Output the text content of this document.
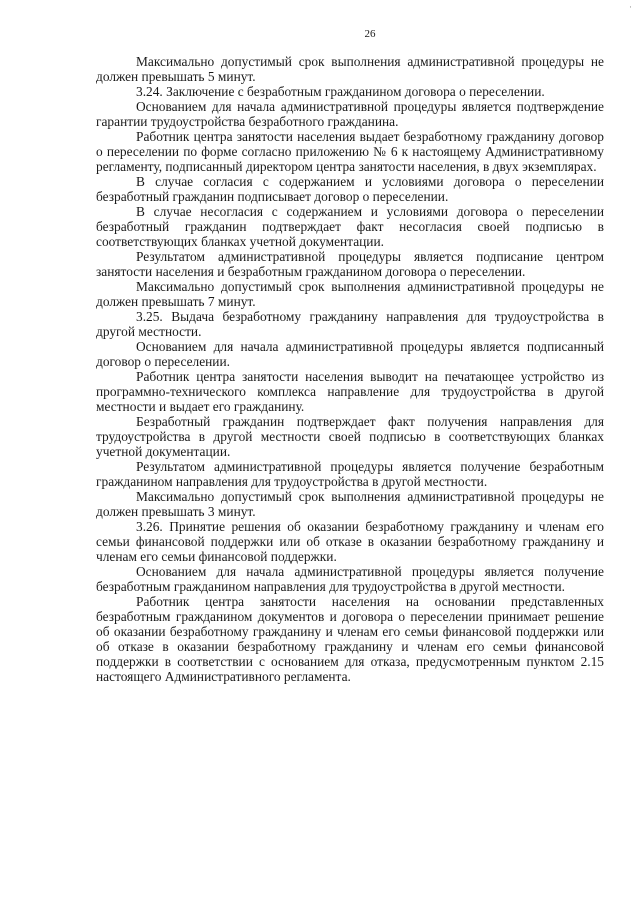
·
26

Максимально допустимый срок выполнения административной процедуры не должен превышать 5 минут.

3.24. Заключение с безработным гражданином договора о переселении.

Основанием для начала административной процедуры является подтверждение гарантии трудоустройства безработного гражданина.

Работник центра занятости населения выдает безработному гражданину договор о переселении по форме согласно приложению № 6 к настоящему Административному регламенту, подписанный директором центра занятости населения, в двух экземплярах.

В случае согласия с содержанием и условиями договора о переселении безработный гражданин подписывает договор о переселении.

В случае несогласия с содержанием и условиями договора о переселении безработный гражданин подтверждает факт несогласия своей подписью в соответствующих бланках учетной документации.

Результатом административной процедуры является подписание центром занятости населения и безработным гражданином договора о переселении.

Максимально допустимый срок выполнения административной процедуры не должен превышать 7 минут.

3.25. Выдача безработному гражданину направления для трудоустройства в другой местности.

Основанием для начала административной процедуры является подписанный договор о переселении.

Работник центра занятости населения выводит на печатающее устройство из программно-технического комплекса направление для трудоустройства в другой местности и выдает его гражданину.

Безработный гражданин подтверждает факт получения направления для трудоустройства в другой местности своей подписью в соответствующих бланках учетной документации.

Результатом административной процедуры является получение безработным гражданином направления для трудоустройства в другой местности.

Максимально допустимый срок выполнения административной процедуры не должен превышать 3 минут.

3.26. Принятие решения об оказании безработному гражданину и членам его семьи финансовой поддержки или об отказе в оказании безработному гражданину и членам его семьи финансовой поддержки.

Основанием для начала административной процедуры является получение безработным гражданином направления для трудоустройства в другой местности.

Работник центра занятости населения на основании представленных безработным гражданином документов и договора о переселении принимает решение об оказании безработному гражданину и членам его семьи финансовой поддержки или об отказе в оказании безработному гражданину и членам его семьи финансовой поддержки в соответствии с основанием для отказа, предусмотренным пунктом 2.15 настоящего Административного регламента.
